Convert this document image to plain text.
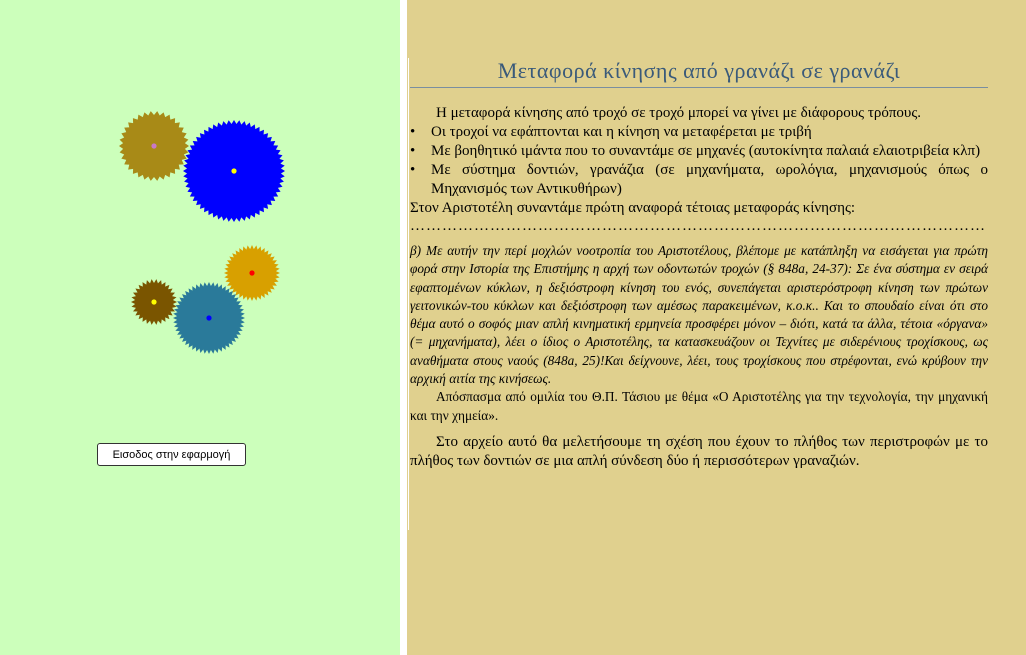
Εισοδος στην εφαρμογή
Μεταφορά κίνησης από γρανάζι σε γρανάζι

Η μεταφορά κίνησης από τροχό σε τροχό μπορεί να γίνει με διάφορους τρόπους.

• Οι τροχοί να εφάπτονται και η κίνηση να μεταφέρεται με τριβή
• Με βοηθητικό ιμάντα που το συναντάμε σε μηχανές (αυτοκίνητα παλαιά ελαιοτριβεία κλπ)
• Με σύστημα δοντιών, γρανάζια (σε μηχανήματα, ωρολόγια, μηχανισμούς όπως ο Μηχανισμός των Αντικυθήρων)

Στον Αριστοτέλη συναντάμε πρώτη αναφορά τέτοιας μεταφοράς κίνησης:

………………………………………………………………………………………………

β) Με αυτήν την περί μοχλών νοοτροπία του Αριστοτέλους, βλέπομε με κατάπληξη να εισάγεται για πρώτη φορά στην Ιστορία της Επιστήμης η αρχή των οδοντωτών τροχών (§ 848a, 24-37): Σε ένα σύστημα εν σειρά εφαπτομένων κύκλων, η δεξιόστροφη κίνηση του ενός, συνεπάγεται αριστερόστροφη κίνηση των πρώτων γειτονικών-του κύκλων και δεξιόστροφη των αμέσως παρακειμένων, κ.ο.κ.. Και το σπουδαίο είναι ότι στο θέμα αυτό ο σοφός μιαν απλή κινηματική ερμηνεία προσφέρει μόνον – διότι, κατά τα άλλα, τέτοια «όργανα» (= μηχανήματα), λέει ο ίδιος ο Αριστοτέλης, τα κατασκευάζουν οι Τεχνίτες με σιδερένιους τροχίσκους, ως αναθήματα στους ναούς (848a, 25)!Και δείχνουνε, λέει, τους τροχίσκους που στρέφονται, ενώ κρύβουν την αρχική αιτία της κινήσεως.

Απόσπασμα από ομιλία του Θ.Π. Τάσιου με θέμα «Ο Αριστοτέλης για την τεχνολογία, την μηχανική και την χημεία».

Στο αρχείο αυτό θα μελετήσουμε τη σχέση που έχουν το πλήθος των περιστροφών με το πλήθος των δοντιών σε μια απλή σύνδεση δύο ή περισσότερων γραναζιών.
